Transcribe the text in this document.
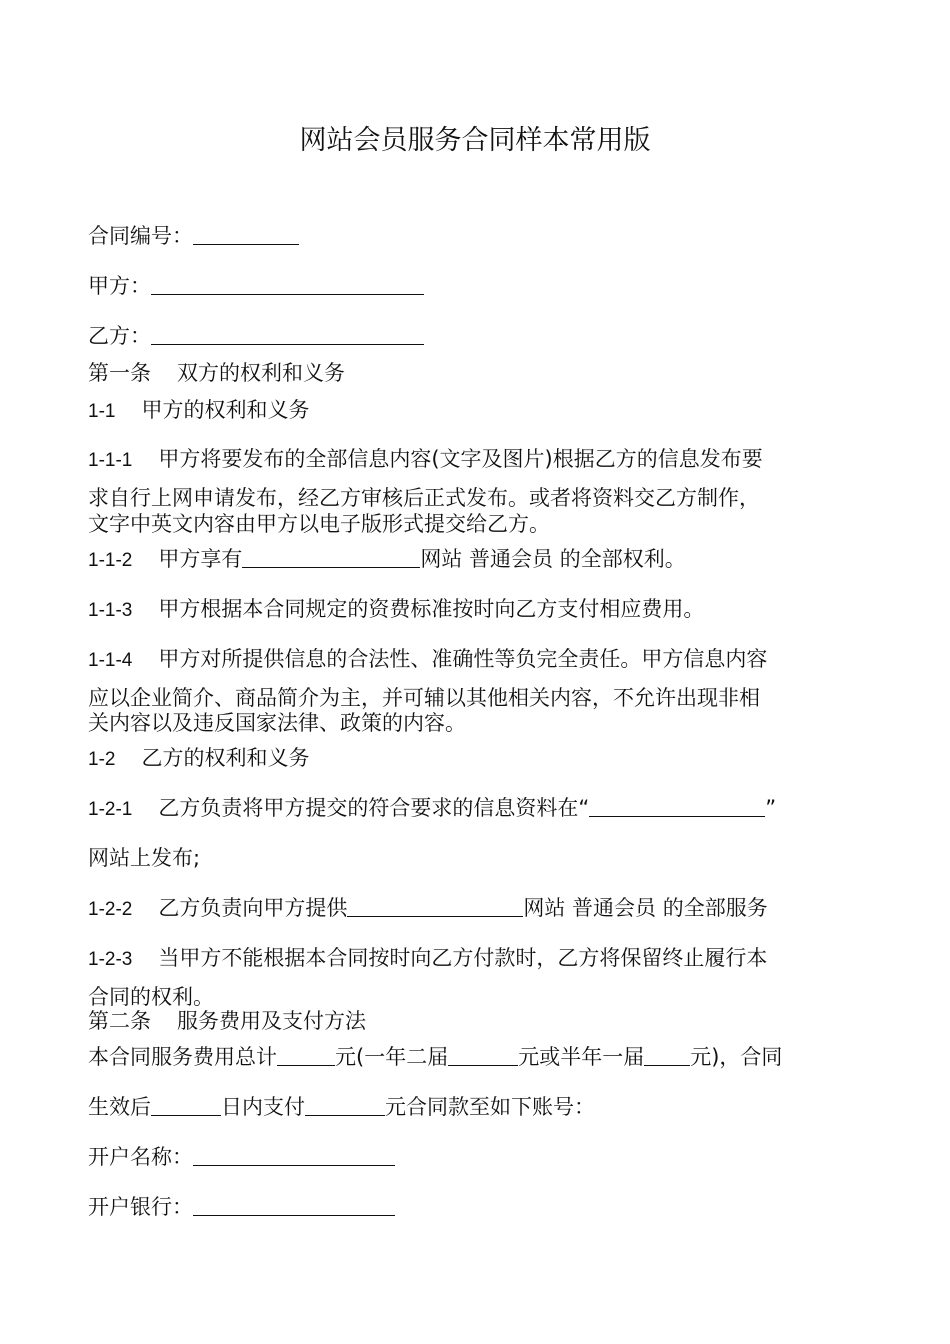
网站会员服务合同样本常用版
合同编号：
甲方：
乙方：
第一条 双方的权利和义务
1-1 甲方的权利和义务
1-1-1 甲方将要发布的全部信息内容(文字及图片)根据乙方的信息发布要
求自行上网申请发布，经乙方审核后正式发布。或者将资料交乙方制作，
文字中英文内容由甲方以电子版形式提交给乙方。
1-1-2 甲方享有	网站 普通会员 的全部权利。
1-1-3 甲方根据本合同规定的资费标准按时向乙方支付相应费用。
1-1-4 甲方对所提供信息的合法性、准确性等负完全责任。甲方信息内容
应以企业简介、商品简介为主，并可辅以其他相关内容，不允许出现非相
关内容以及违反国家法律、政策的内容。
1-2 乙方的权利和义务
1-2-1 乙方负责将甲方提交的符合要求的信息资料在“	”
网站上发布;
1-2-2 乙方负责向甲方提供	网站 普通会员 的全部服务
1-2-3 当甲方不能根据本合同按时向乙方付款时，乙方将保留终止履行本
合同的权利。
第二条 服务费用及支付方法
本合同服务费用总计	元(一年二届	元或半年一届 元)，合同
生效后	日内支付	元合同款至如下账号：
开户名称：
开户银行：
